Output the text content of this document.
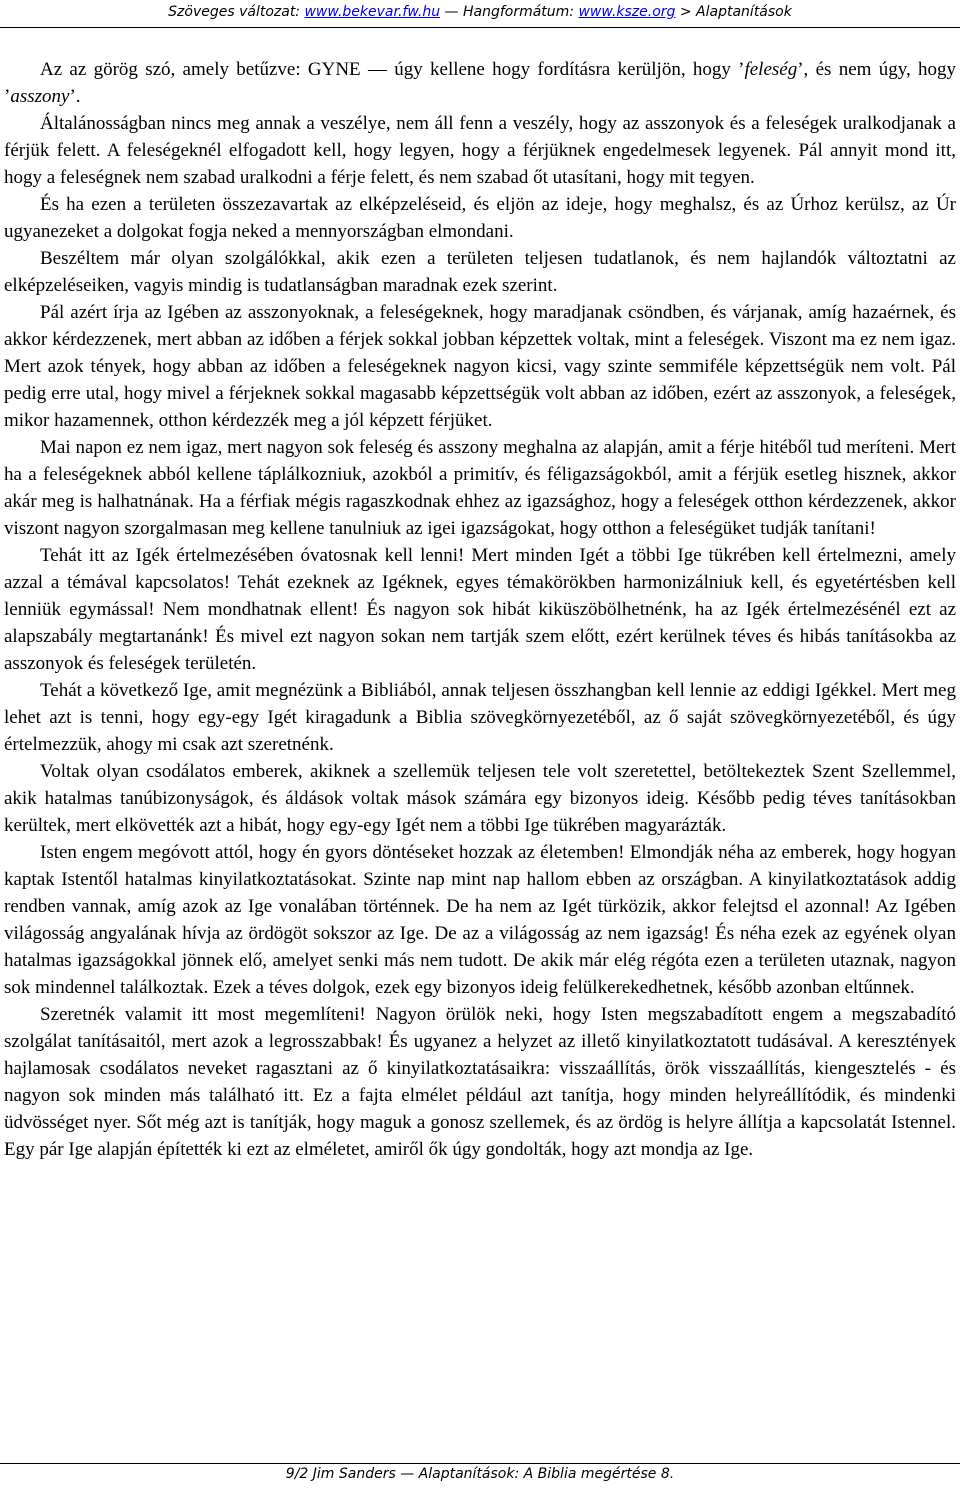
Szöveges változat: www.bekevar.fw.hu — Hangformátum: www.ksze.org > Alaptanítások

Az az görög szó, amely betűzve: GYNE — úgy kellene hogy fordításra kerüljön, hogy ’feleség’, és nem úgy, hogy ’asszony’.

Általánosságban nincs meg annak a veszélye, nem áll fenn a veszély, hogy az asszonyok és a feleségek uralkodjanak a férjük felett. A feleségeknél elfogadott kell, hogy legyen, hogy a férjüknek engedelmesek legyenek. Pál annyit mond itt, hogy a feleségnek nem szabad uralkodni a férje felett, és nem szabad őt utasítani, hogy mit tegyen.

És ha ezen a területen összezavartak az elképzeléseid, és eljön az ideje, hogy meghalsz, és az Úrhoz kerülsz, az Úr ugyanezeket a dolgokat fogja neked a mennyországban elmondani.

Beszéltem már olyan szolgálókkal, akik ezen a területen teljesen tudatlanok, és nem hajlandók változtatni az elképzeléseiken, vagyis mindig is tudatlanságban maradnak ezek szerint.

Pál azért írja az Igében az asszonyoknak, a feleségeknek, hogy maradjanak csöndben, és várjanak, amíg hazaérnek, és akkor kérdezzenek, mert abban az időben a férjek sokkal jobban képzettek voltak, mint a feleségek. Viszont ma ez nem igaz. Mert azok tények, hogy abban az időben a feleségeknek nagyon kicsi, vagy szinte semmiféle képzettségük nem volt. Pál pedig erre utal, hogy mivel a férjeknek sokkal magasabb képzettségük volt abban az időben, ezért az asszonyok, a feleségek, mikor hazamennek, otthon kérdezzék meg a jól képzett férjüket.

Mai napon ez nem igaz, mert nagyon sok feleség és asszony meghalna az alapján, amit a férje hitéből tud meríteni. Mert ha a feleségeknek abból kellene táplálkozniuk, azokból a primitív, és féligazságokból, amit a férjük esetleg hisznek, akkor akár meg is halhatnának. Ha a férfiak mégis ragaszkodnak ehhez az igazsághoz, hogy a feleségek otthon kérdezzenek, akkor viszont nagyon szorgalmasan meg kellene tanulniuk az igei igazságokat, hogy otthon a feleségüket tudják tanítani!

Tehát itt az Igék értelmezésében óvatosnak kell lenni! Mert minden Igét a többi Ige tükrében kell értelmezni, amely azzal a témával kapcsolatos! Tehát ezeknek az Igéknek, egyes témakörökben harmonizálniuk kell, és egyetértésben kell lenniük egymással! Nem mondhatnak ellent! És nagyon sok hibát kiküszöbölhetnénk, ha az Igék értelmezésénél ezt az alapszabály megtartanánk! És mivel ezt nagyon sokan nem tartják szem előtt, ezért kerülnek téves és hibás tanításokba az asszonyok és feleségek területén.

Tehát a következő Ige, amit megnézünk a Bibliából, annak teljesen összhangban kell lennie az eddigi Igékkel. Mert meg lehet azt is tenni, hogy egy-egy Igét kiragadunk a Biblia szövegkörnyezetéből, az ő saját szövegkörnyezetéből, és úgy értelmezzük, ahogy mi csak azt szeretnénk.

Voltak olyan csodálatos emberek, akiknek a szellemük teljesen tele volt szeretettel, betöltekeztek Szent Szellemmel, akik hatalmas tanúbizonyságok, és áldások voltak mások számára egy bizonyos ideig. Később pedig téves tanításokban kerültek, mert elkövették azt a hibát, hogy egy-egy Igét nem a többi Ige tükrében magyarázták.

Isten engem megóvott attól, hogy én gyors döntéseket hozzak az életemben! Elmondják néha az emberek, hogy hogyan kaptak Istentől hatalmas kinyilatkoztatásokat. Szinte nap mint nap hallom ebben az országban. A kinyilatkoztatások addig rendben vannak, amíg azok az Ige vonalában történnek. De ha nem az Igét türközik, akkor felejtsd el azonnal! Az Igében világosság angyalának hívja az ördögöt sokszor az Ige. De az a világosság az nem igazság! És néha ezek az egyének olyan hatalmas igazságokkal jönnek elő, amelyet senki más nem tudott. De akik már elég régóta ezen a területen utaznak, nagyon sok mindennel találkoztak. Ezek a téves dolgok, ezek egy bizonyos ideig felülkerekedhetnek, később azonban eltűnnek.

Szeretnék valamit itt most megemlíteni! Nagyon örülök neki, hogy Isten megszabadított engem a megszabadító szolgálat tanításaitól, mert azok a legrosszabbak! És ugyanez a helyzet az illető kinyilatkoztatott tudásával. A keresztények hajlamosak csodálatos neveket ragasztani az ő kinyilatkoztatásaikra: visszaállítás, örök visszaállítás, kiengesztelés - és nagyon sok minden más található itt. Ez a fajta elmélet például azt tanítja, hogy minden helyreállítódik, és mindenki üdvösséget nyer. Sőt még azt is tanítják, hogy maguk a gonosz szellemek, és az ördög is helyre állítja a kapcsolatát Istennel. Egy pár Ige alapján építették ki ezt az elméletet, amiről ők úgy gondolták, hogy azt mondja az Ige.

9/2 Jim Sanders — Alaptanítások: A Biblia megértése 8.
